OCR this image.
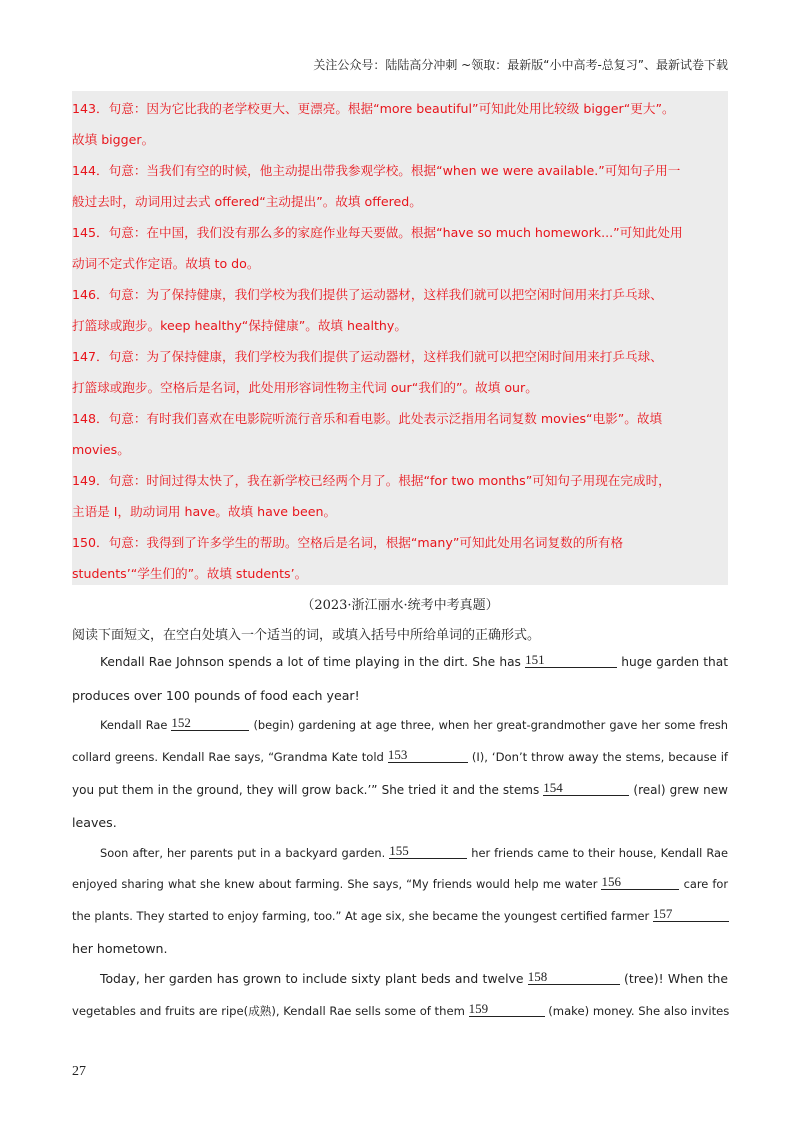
关注公众号：陆陆高分冲刺 ~领取：最新版“小中高考-总复习”、最新试卷下载
143．句意：因为它比我的老学校更大、更漂亮。根据“more beautiful”可知此处用比较级 bigger“更大”。
故填 bigger。
144．句意：当我们有空的时候，他主动提出带我参观学校。根据“when we were available.”可知句子用一
般过去时，动词用过去式 offered“主动提出”。故填 offered。
145．句意：在中国，我们没有那么多的家庭作业每天要做。根据“have so much homework...”可知此处用
动词不定式作定语。故填 to do。
146．句意：为了保持健康，我们学校为我们提供了运动器材，这样我们就可以把空闲时间用来打乒乓球、
打篮球或跑步。keep healthy“保持健康”。故填 healthy。
147．句意：为了保持健康，我们学校为我们提供了运动器材，这样我们就可以把空闲时间用来打乒乓球、
打篮球或跑步。空格后是名词，此处用形容词性物主代词 our“我们的”。故填 our。
148．句意：有时我们喜欢在电影院听流行音乐和看电影。此处表示泛指用名词复数 movies“电影”。故填
movies。
149．句意：时间过得太快了，我在新学校已经两个月了。根据“for two months”可知句子用现在完成时，
主语是 I，助动词用 have。故填 have been。
150．句意：我得到了许多学生的帮助。空格后是名词，根据“many”可知此处用名词复数的所有格
students’“学生们的”。故填 students’。
（2023·浙江丽水·统考中考真题）
阅读下面短文，在空白处填入一个适当的词，或填入括号中所给单词的正确形式。
Kendall Rae Johnson spends a lot of time playing in the dirt. She has 151	huge garden that
produces over 100 pounds of food each year!
Kendall Rae 152	(begin) gardening at age three, when her great-grandmother gave her some fresh
collard greens. Kendall Rae says, “Grandma Kate told 153	(I), ‘Don’t throw away the stems, because if
you put them in the ground, they will grow back.’” She tried it and the stems 154	(real) grew new
leaves.
Soon after, her parents put in a backyard garden. 155	her friends came to their house, Kendall Rae
enjoyed sharing what she knew about farming. She says, “My friends would help me water 156	care for
the plants. They started to enjoy farming, too.” At age six, she became the youngest certified farmer 157
her hometown.
Today, her garden has grown to include sixty plant beds and twelve 158	(tree)! When the
vegetables and fruits are ripe(成熟), Kendall Rae sells some of them 159	(make) money. She also invites
27
